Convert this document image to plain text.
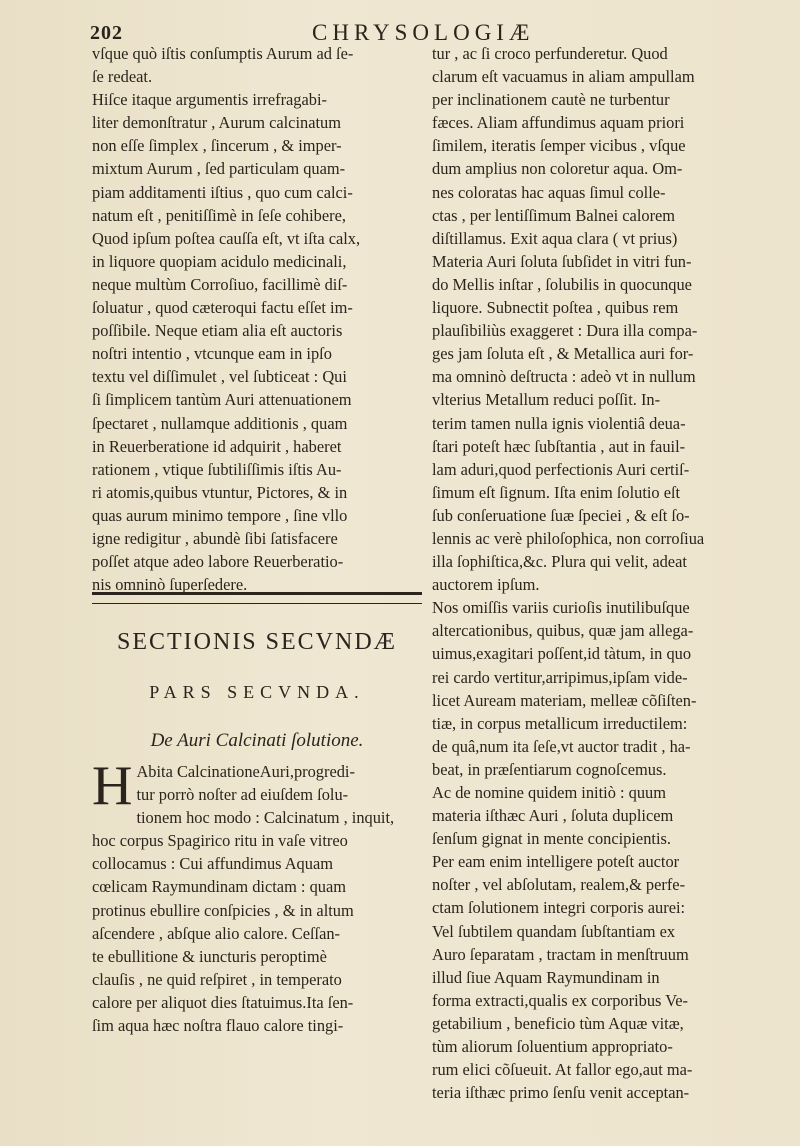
202	CHRYSOLOGIÆ
vſque quò iſtis conſumptis Aurum ad ſe-
ſe redeat.
Hiſce itaque argumentis irrefragabi-
liter demonſtratur , Aurum calcinatum
non eſſe ſimplex , ſincerum , & imper-
mixtum Aurum , ſed particulam quam-
piam additamenti iſtius , quo cum calci-
natum eſt , penitiſſimè in ſeſe cohibere,
Quod ipſum poſtea cauſſa eſt, vt iſta calx,
in liquore quopiam acidulo medicinali,
neque multùm Corroſiuo, facillimè diſ-
ſoluatur , quod cæteroqui factu eſſet im-
poſſibile. Neque etiam alia eſt auctoris
noſtri intentio , vtcunque eam in ipſo
textu vel diſſimulet , vel ſubticeat : Qui
ſi ſimplicem tantùm Auri attenuationem
ſpectaret , nullamque additionis , quam
in Reuerberatione id adquirit , haberet
rationem , vtique ſubtiliſſimis iſtis Au-
ri atomis,quibus vtuntur, Pictores, & in
quas aurum minimo tempore , ſine vllo
igne redigitur , abundè ſibi ſatisfacere
poſſet atque adeo labore Reuerberatio-
nis omninò ſuperſedere.
SECTIONIS SECVNDÆ
PARS SECVNDA.
De Auri Calcinati ſolutione.
H Abita CalcinationeAuri,progredi-
tur porrò noſter ad eiuſdem ſolu-
tionem hoc modo : Calcinatum , inquit,
hoc corpus Spagirico ritu in vaſe vitreo
collocamus : Cui affundimus Aquam
cœlicam Raymundinam dictam : quam
protinus ebullire conſpicies , & in altum
aſcendere , abſque alio calore. Ceſſan-
te ebullitione & iuncturis peroptimè
clauſis , ne quid reſpiret , in temperato
calore per aliquot dies ſtatuimus.Ita ſen-
ſim aqua hæc noſtra flauo calore tingi-
tur , ac ſi croco perfunderetur. Quod
clarum eſt vacuamus in aliam ampullam
per inclinationem cautè ne turbentur
fæces. Aliam affundimus aquam priori
ſimilem, iteratis ſemper vicibus , vſque
dum amplius non coloretur aqua. Om-
nes coloratas hac aquas ſimul colle-
ctas , per lentiſſimum Balnei calorem
diſtillamus. Exit aqua clara ( vt prius)
Materia Auri ſoluta ſubſidet in vitri fun-
do Mellis inſtar , ſolubilis in quocunque
liquore. Subnectit poſtea , quibus rem
plauſibiliùs exaggeret : Dura illa compa-
ges jam ſoluta eſt , & Metallica auri for-
ma omninò deſtructa : adeò vt in nullum
vlterius Metallum reduci poſſit. In-
terim tamen nulla ignis violentiâ deua-
ſtari poteſt hæc ſubſtantia , aut in fauil-
lam aduri,quod perfectionis Auri certiſ-
ſimum eſt ſignum. Iſta enim ſolutio eſt
ſub conſeruatione ſuæ ſpeciei , & eſt ſo-
lennis ac verè philoſophica, non corroſiua
illa ſophiſtica,&c. Plura qui velit, adeat
auctorem ipſum.
Nos omiſſis variis curioſis inutilibuſque
altercationibus, quibus, quæ jam allega-
uimus,exagitari poſſent,id tàtum, in quo
rei cardo vertitur,arripimus,ipſam vide-
licet Auream materiam, melleæ cõſiſten-
tiæ, in corpus metallicum irreductilem:
de quâ,num ita ſeſe,vt auctor tradit , ha-
beat, in præſentiarum cognoſcemus.
Ac de nomine quidem initiò : quum
materia iſthæc Auri , ſoluta duplicem
ſenſum gignat in mente concipientis.
Per eam enim intelligere poteſt auctor
noſter , vel abſolutam, realem,& perfe-
ctam ſolutionem integri corporis aurei:
Vel ſubtilem quandam ſubſtantiam ex
Auro ſeparatam , tractam in menſtruum
illud ſiue Aquam Raymundinam in
forma extracti,qualis ex corporibus Ve-
getabilium , beneficio tùm Aquæ vitæ,
tùm aliorum ſoluentium appropriato-
rum elici cõſueuit. At fallor ego,aut ma-
teria iſthæc primo ſenſu venit acceptan-
